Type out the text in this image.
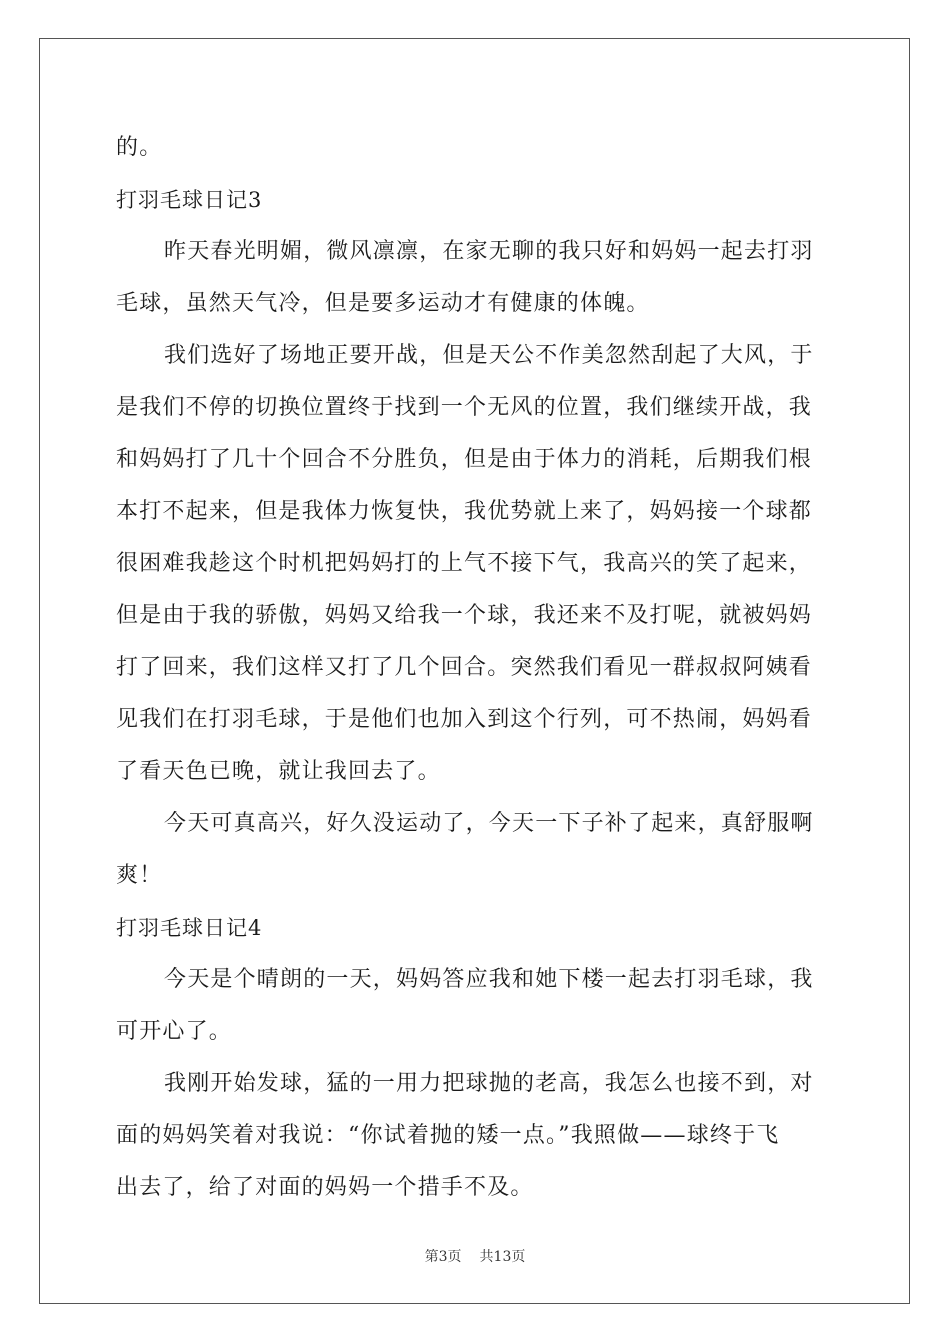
的。
打羽毛球日记3
昨天春光明媚，微风凛凛，在家无聊的我只好和妈妈一起去打羽
毛球，虽然天气冷，但是要多运动才有健康的体魄。
我们选好了场地正要开战，但是天公不作美忽然刮起了大风，于
是我们不停的切换位置终于找到一个无风的位置，我们继续开战，我
和妈妈打了几十个回合不分胜负，但是由于体力的消耗，后期我们根
本打不起来，但是我体力恢复快，我优势就上来了，妈妈接一个球都
很困难我趁这个时机把妈妈打的上气不接下气，我高兴的笑了起来，
但是由于我的骄傲，妈妈又给我一个球，我还来不及打呢，就被妈妈
打了回来，我们这样又打了几个回合。突然我们看见一群叔叔阿姨看
见我们在打羽毛球，于是他们也加入到这个行列，可不热闹，妈妈看
了看天色已晚，就让我回去了。
今天可真高兴，好久没运动了，今天一下子补了起来，真舒服啊
爽！
打羽毛球日记4
今天是个晴朗的一天，妈妈答应我和她下楼一起去打羽毛球，我
可开心了。
我刚开始发球，猛的一用力把球抛的老高，我怎么也接不到，对
面的妈妈笑着对我说：“你试着抛的矮一点。”我照做——球终于飞
出去了，给了对面的妈妈一个措手不及。
第3页 共13页
